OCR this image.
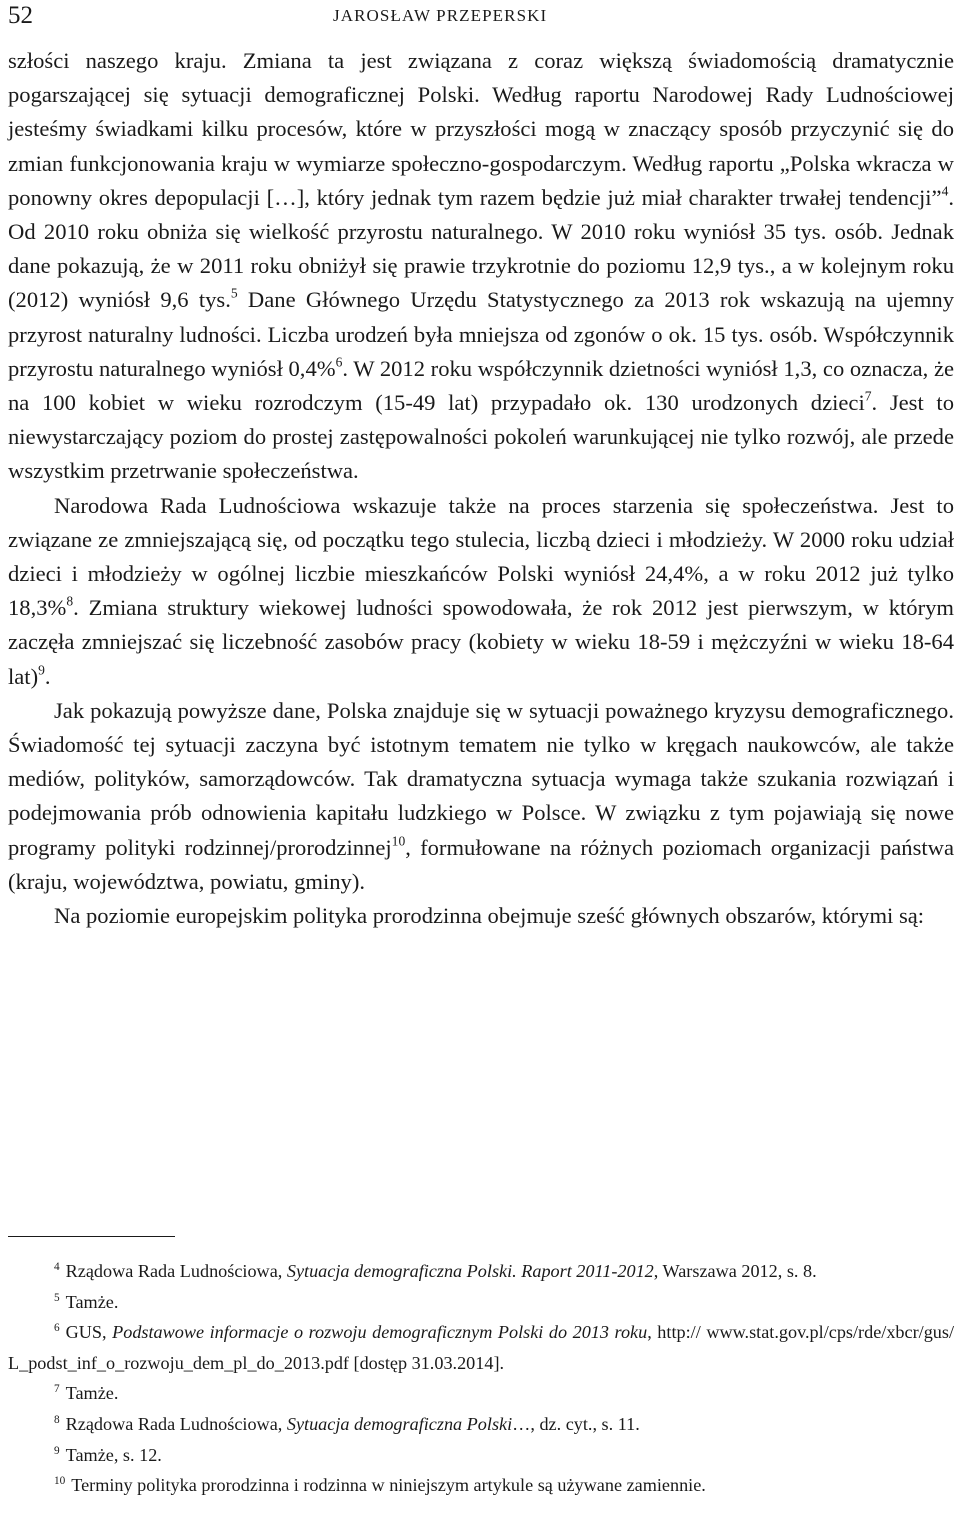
52	JAROSŁAW PRZEPERSKI

szłości naszego kraju. Zmiana ta jest związana z coraz większą świadomością dramatycznie pogarszającej się sytuacji demograficznej Polski. Według raportu Narodowej Rady Ludnościowej jesteśmy świadkami kilku procesów, które w przyszłości mogą w znaczący sposób przyczynić się do zmian funkcjonowania kraju w wymiarze społeczno-gospodarczym. Według raportu „Polska wkracza w ponowny okres depopulacji […], który jednak tym razem będzie już miał charakter trwałej tendencji”$^4$. Od 2010 roku obniża się wielkość przyrostu naturalnego. W 2010 roku wyniósł 35 tys. osób. Jednak dane pokazują, że w 2011 roku obniżył się prawie trzykrotnie do poziomu 12,9 tys., a w kolejnym roku (2012) wyniósł 9,6 tys.$^5$ Dane Głównego Urzędu Statystycznego za 2013 rok wskazują na ujemny przyrost naturalny ludności. Liczba urodzeń była mniejsza od zgonów o ok. 15 tys. osób. Współczynnik przyrostu naturalnego wyniósł 0,4%$^6$. W 2012 roku współczynnik dzietności wyniósł 1,3, co oznacza, że na 100 kobiet w wieku rozrodczym (15-49 lat) przypadało ok. 130 urodzonych dzieci$^7$. Jest to niewystarczający poziom do prostej zastępowalności pokoleń warunkującej nie tylko rozwój, ale przede wszystkim przetrwanie społeczeństwa.

Narodowa Rada Ludnościowa wskazuje także na proces starzenia się społeczeństwa. Jest to związane ze zmniejszającą się, od początku tego stulecia, liczbą dzieci i młodzieży. W 2000 roku udział dzieci i młodzieży w ogólnej liczbie mieszkańców Polski wyniósł 24,4%, a w roku 2012 już tylko 18,3%$^8$. Zmiana struktury wiekowej ludności spowodowała, że rok 2012 jest pierwszym, w którym zaczęła zmniejszać się liczebność zasobów pracy (kobiety w wieku 18-59 i mężczyźni w wieku 18-64 lat)$^9$.

Jak pokazują powyższe dane, Polska znajduje się w sytuacji poważnego kryzysu demograficznego. Świadomość tej sytuacji zaczyna być istotnym tematem nie tylko w kręgach naukowców, ale także mediów, polityków, samorządowców. Tak dramatyczna sytuacja wymaga także szukania rozwiązań i podejmowania prób odnowienia kapitału ludzkiego w Polsce. W związku z tym pojawiają się nowe programy polityki rodzinnej/prorodzinnej$^{10}$, formułowane na różnych poziomach organizacji państwa (kraju, województwa, powiatu, gminy).

Na poziomie europejskim polityka prorodzinna obejmuje sześć głównych obszarów, którymi są:

$^4$ Rządowa Rada Ludnościowa, Sytuacja demograficzna Polski. Raport 2011-2012, Warszawa 2012, s. 8.

$^5$ Tamże.

$^6$ GUS, Podstawowe informacje o rozwoju demograficznym Polski do 2013 roku, http:// www.stat.gov.pl/cps/rde/xbcr/gus/L_podst_inf_o_rozwoju_dem_pl_do_2013.pdf [dostęp 31.03.2014].

$^7$ Tamże.

$^8$ Rządowa Rada Ludnościowa, Sytuacja demograficzna Polski…, dz. cyt., s. 11.

$^9$ Tamże, s. 12.

$^{10}$ Terminy polityka prorodzinna i rodzinna w niniejszym artykule są używane zamiennie.
